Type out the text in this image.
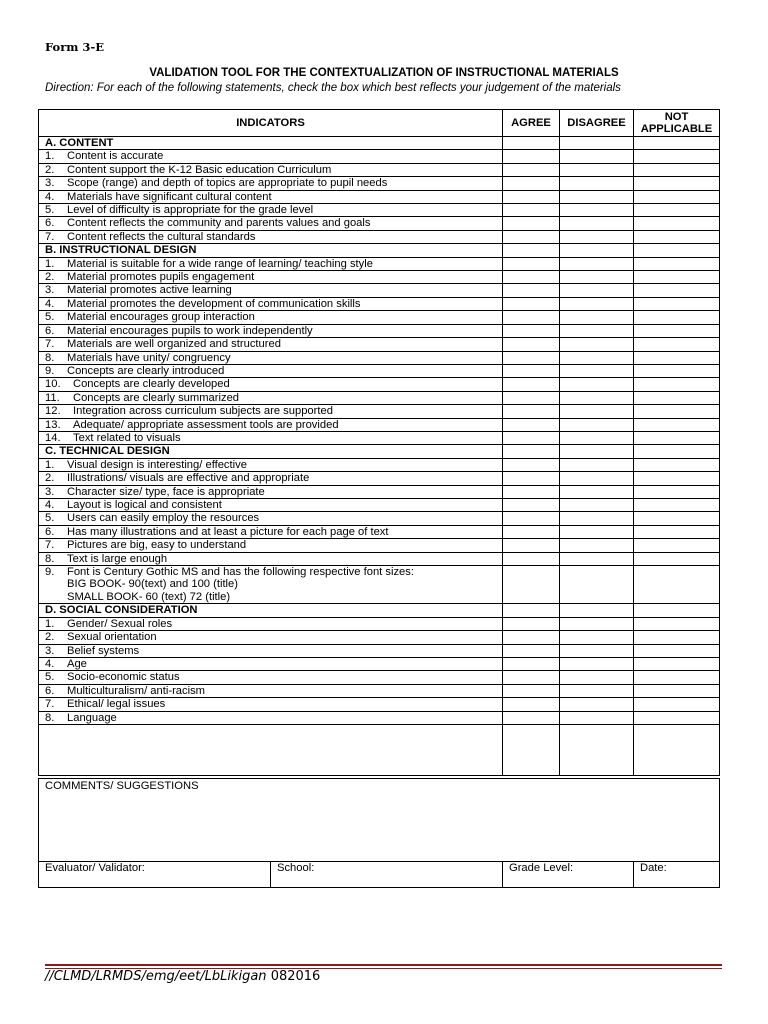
Form 3-E
VALIDATION TOOL FOR THE CONTEXTUALIZATION OF INSTRUCTIONAL MATERIALS
Direction: For each of the following statements, check the box which best reflects your judgement of the materials
INDICATORS	AGREE	DISAGREE	NOT
APPLICABLE
A. CONTENT			
1. Content is accurate			
2. Content support the K-12 Basic education Curriculum			
3. Scope (range) and depth of topics are appropriate to pupil needs			
4. Materials have significant cultural content			
5. Level of difficulty is appropriate for the grade level			
6. Content reflects the community and parents values and goals			
7. Content reflects the cultural standards			
B. INSTRUCTIONAL DESIGN			
1. Material is suitable for a wide range of learning/ teaching style			
2. Material promotes pupils engagement			
3. Material promotes active learning			
4. Material promotes the development of communication skills			
5. Material encourages group interaction			
6. Material encourages pupils to work independently			
7. Materials are well organized and structured			
8. Materials have unity/ congruency			
9. Concepts are clearly introduced			
10. Concepts are clearly developed			
11. Concepts are clearly summarized			
12. Integration across curriculum subjects are supported			
13. Adequate/ appropriate assessment tools are provided			
14. Text related to visuals			
C. TECHNICAL DESIGN			
1. Visual design is interesting/ effective			
2. Illustrations/ visuals are effective and appropriate			
3. Character size/ type, face is appropriate			
4. Layout is logical and consistent			
5. Users can easily employ the resources			
6. Has many illustrations and at least a picture for each page of text			
7. Pictures are big, easy to understand			
8. Text is large enough			
9. Font is Century Gothic MS and has the following respective font sizes:
BIG BOOK- 90(text) and 100 (title)
SMALL BOOK- 60 (text) 72 (title)			

D. SOCIAL CONSIDERATION			
1. Gender/ Sexual roles			
2. Sexual orientation			
3. Belief systems			
4. Age			
5. Socio-economic status			
6. Multiculturalism/ anti-racism			
7. Ethical/ legal issues			
8. Language			

COMMENTS/ SUGGESTIONS
Evaluator/ Validator:	School:	Grade Level:	Date:
//CLMD/LRMDS/emg/eet/LbLikigan 082016
